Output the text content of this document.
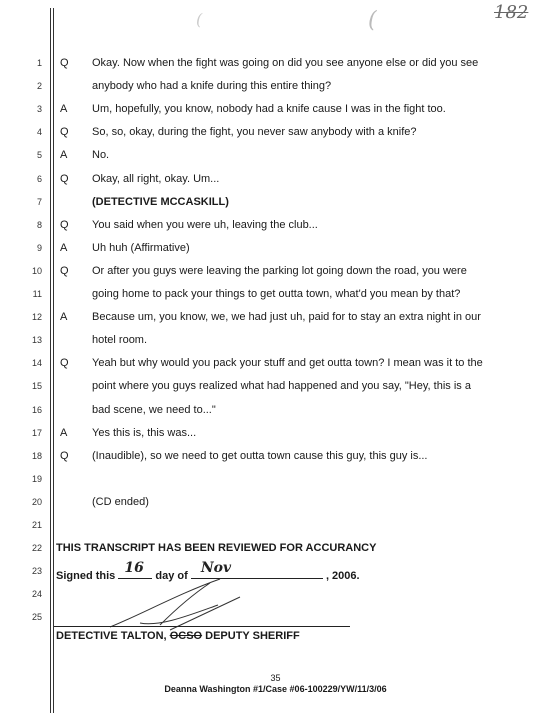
(	(	182
1 Q Okay. Now when the fight was going on did you see anyone else or did you see
2	anybody who had a knife during this entire thing?
3 A Um, hopefully, you know, nobody had a knife cause I was in the fight too.
4 Q So, so, okay, during the fight, you never saw anybody with a knife?
5 A No.
6 Q Okay, all right, okay. Um...
7	(DETECTIVE MCCASKILL)
8 Q You said when you were uh, leaving the club...
9 A Uh huh (Affirmative)
10 Q Or after you guys were leaving the parking lot going down the road, you were
11	going home to pack your things to get outta town, what'd you mean by that?
12 A Because um, you know, we, we had just uh, paid for to stay an extra night in our
13	hotel room.
14 Q Yeah but why would you pack your stuff and get outta town? I mean was it to the
15	point where you guys realized what had happened and you say, "Hey, this is a
16	bad scene, we need to..."
17 A Yes this is, this was...
18 Q (Inaudible), so we need to get outta town cause this guy, this guy is...
19
20	(CD ended)
21
22
23
24
25
THIS TRANSCRIPT HAS BEEN REVIEWED FOR ACCURANCY
Signed this 16 day of Nov	, 2006.
DETECTIVE TALTON, OCSO DEPUTY SHERIFF
35
Deanna Washington #1/Case #06-100229/YW/11/3/06
